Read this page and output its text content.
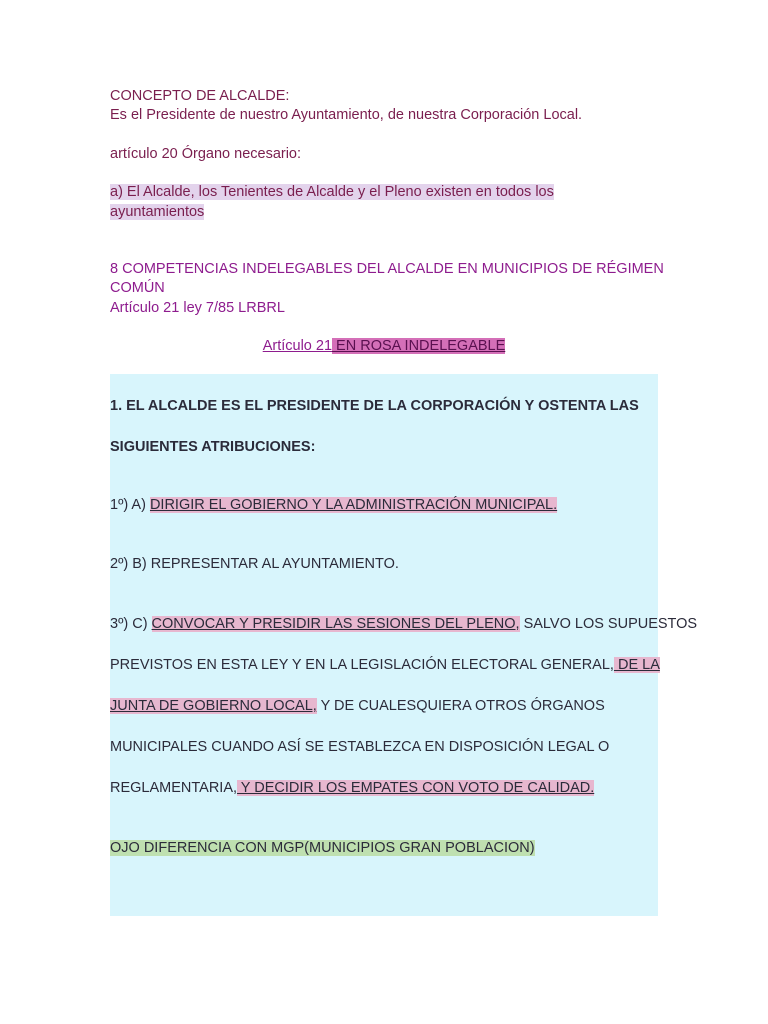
CONCEPTO DE ALCALDE:
Es el Presidente de nuestro Ayuntamiento, de nuestra Corporación Local.
artículo 20 Órgano necesario:
a) El Alcalde, los Tenientes de Alcalde y el Pleno existen en todos los
ayuntamientos
8 COMPETENCIAS INDELEGABLES DEL ALCALDE EN MUNICIPIOS DE RÉGIMEN
COMÚN
Artículo 21 ley 7/85 LRBRL
Artículo 21 EN ROSA INDELEGABLE
1. EL ALCALDE ES EL PRESIDENTE DE LA CORPORACIÓN Y OSTENTA LAS
SIGUIENTES ATRIBUCIONES:
1º) A) DIRIGIR EL GOBIERNO Y LA ADMINISTRACIÓN MUNICIPAL.
2º) B) REPRESENTAR AL AYUNTAMIENTO.
3º) C) CONVOCAR Y PRESIDIR LAS SESIONES DEL PLENO, SALVO LOS SUPUESTOS
PREVISTOS EN ESTA LEY Y EN LA LEGISLACIÓN ELECTORAL GENERAL, DE LA
JUNTA DE GOBIERNO LOCAL, Y DE CUALESQUIERA OTROS ÓRGANOS
MUNICIPALES CUANDO ASÍ SE ESTABLEZCA EN DISPOSICIÓN LEGAL O
REGLAMENTARIA, Y DECIDIR LOS EMPATES CON VOTO DE CALIDAD.
OJO DIFERENCIA CON MGP(MUNICIPIOS GRAN POBLACION)
